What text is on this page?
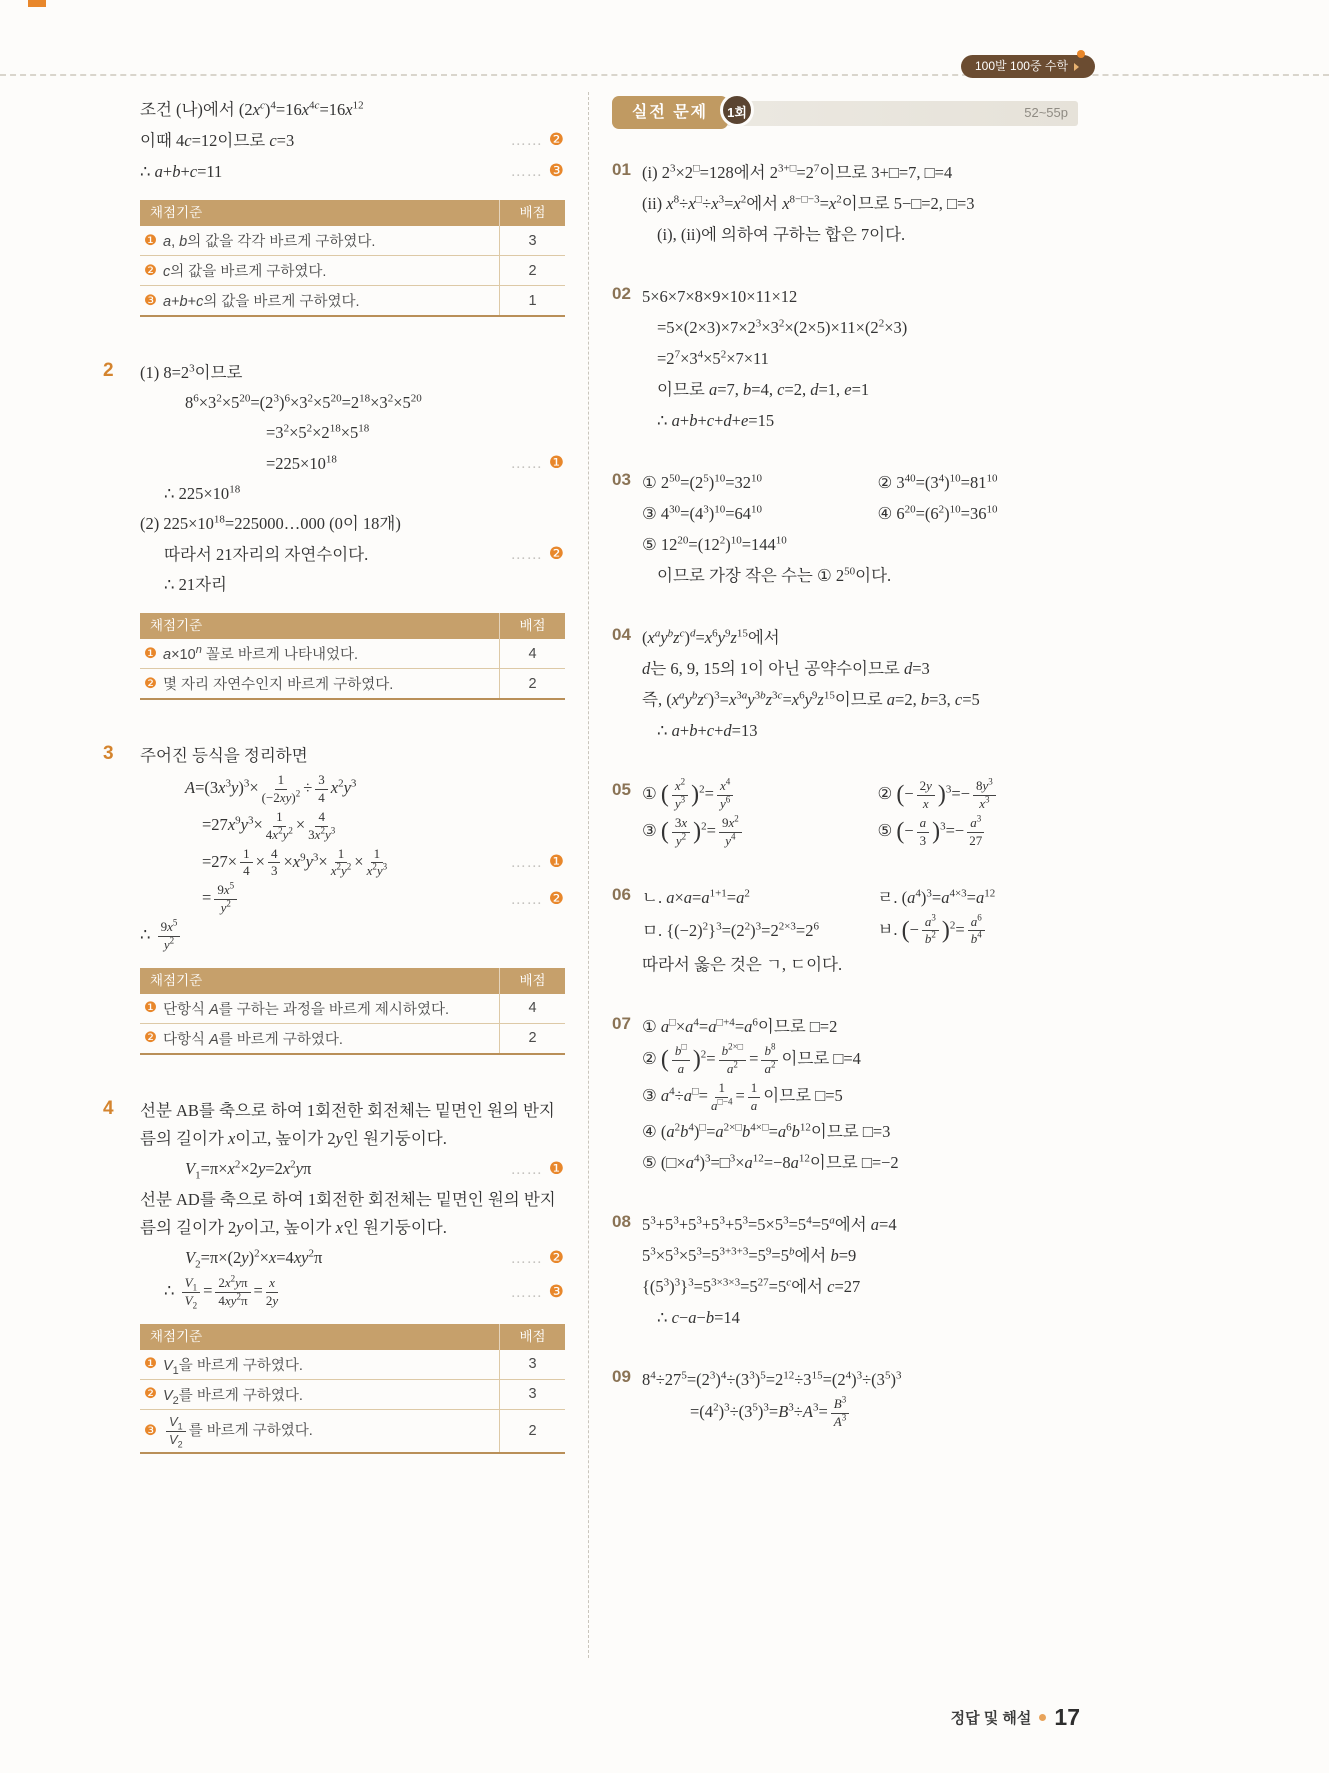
100발 100중 수학
조건 (나)에서 $(2x^c)^4=16x^{4c}=16x^{12}$
이때 4c=12이므로 c=3	…… ❷
∴ a+b+c=11	…… ❸
채점기준	배점
❶ a, b의 값을 각각 바르게 구하였다.	3
❷ c의 값을 바르게 구하였다.	2
❸ a+b+c의 값을 바르게 구하였다.	1
2	(1) $8=2^3$이므로
$8^6\times 3^2\times 5^{20}=(2^3)^6\times 3^2\times 5^{20}=2^{18}\times 3^2\times 5^{20}$
$=3^2\times 5^2\times 2^{18}\times 5^{18}$
$=225\times 10^{18}$	…… ❶
∴ $225\times 10^{18}$
(2) $225\times 10^{18}=225000\dots 000$ (0이 18개)
따라서 21자리의 자연수이다.	…… ❷
∴ 21자리
채점기준	배점
❶ $a\times 10^n$ 꼴로 바르게 나타내었다.	4
❷ 몇 자리 자연수인지 바르게 구하였다.	2
3	주어진 등식을 정리하면
$A=(3x^3y)^3\times \frac{1}{(-2xy)^2} \div \frac{3}{4} x^2y^3$
$=27x^9y^3\times \frac{1}{4x^2y^2} \times \frac{4}{3x^2y^3}$
$=27\times \frac{1}{4} \times \frac{4}{3} \times x^9y^3\times \frac{1}{x^2y^2} \times \frac{1}{x^2y^3}$	…… ❶
= $\frac{9x^5}{y^2}$	…… ❷
∴ $\frac{9x^5}{y^2}$
채점기준	배점
❶ 단항식 A를 구하는 과정을 바르게 제시하였다.	4
❷ 다항식 A를 바르게 구하였다.	2
4	선분 AB를 축으로 하여 1회전한 회전체는 밑면인 원의 반지름의 길이가 x이고, 높이가 2y인 원기둥이다.
$V_1=\pi\times x^2\times 2y=2x^2y\pi$	…… ❶
선분 AD를 축으로 하여 1회전한 회전체는 밑면인 원의 반지름의 길이가 2y이고, 높이가 x인 원기둥이다.
$V_2=\pi\times(2y)^2\times x=4xy^2\pi$	…… ❷
∴ $\frac{V_1}{V_2} = \frac{2x^2y\pi}{4xy^2\pi} = \frac{x}{2y}$	…… ❸
채점기준	배점
❶ $V_1$을 바르게 구하였다.	3
❷ $V_2$를 바르게 구하였다.	3
❸ $\frac{V_1}{V_2}$ 를 바르게 구하였다.	2
실전 문제	1회	52~55p
01 (i) $2^3\times 2^□=128$에서 $2^{3+□}=2^7$이므로 3+□=7, □=4
(ii) $x^8\div x^□\div x^3=x^2$에서 $x^{8-□-3}=x^2$이므로 5−□=2, □=3
(i), (ii)에 의하여 구하는 합은 7이다.
02 5×6×7×8×9×10×11×12
$=5\times(2\times 3)\times 7\times 2^3\times 3^2\times(2\times 5)\times 11\times(2^2\times 3)$
$=2^7\times 3^4\times 5^2\times 7\times 11$
이므로 a=7, b=4, c=2, d=1, e=1
∴ a+b+c+d+e=15
03 ① $2^{50}=(2^5)^{10}=32^{10}$	② $3^{40}=(3^4)^{10}=81^{10}$
③ $4^{30}=(4^3)^{10}=64^{10}$	④ $6^{20}=(6^2)^{10}=36^{10}$
⑤ $12^{20}=(12^2)^{10}=144^{10}$
이므로 가장 작은 수는 ① $2^{50}$이다.
04 $(x^ay^bz^c)^d=x^6y^9z^{15}$에서
d는 6, 9, 15의 1이 아닌 공약수이므로 d=3
즉, $(x^ay^bz^c)^3=x^{3a}y^{3b}z^{3c}=x^6y^9z^{15}$이므로 a=2, b=3, c=5
∴ a+b+c+d=13
05 ① ( $\frac{x^2}{y^3} )^2= \frac{x^4}{y^6}$	② (− $\frac{2y}{x} )^3=- \frac{8y^3}{x^3}$
③ ( $\frac{3x}{y^2} )^2= \frac{9x^2}{y^4}$	⑤ (− $\frac{a}{3} )^3=- \frac{a^3}{27}$
06 ㄴ. $a\times a=a^{1+1}=a^2$	ㄹ. $(a^4)^3=a^{4\times 3}=a^{12}$
ㅁ. $\{(-2)^2\}^3=(2^2)^3=2^{2\times 3}=2^6$	ㅂ. (− $\frac{a^3}{b^2} )^2= \frac{a^6}{b^4}$
따라서 옳은 것은 ㄱ, ㄷ이다.
07 ① $a^□\times a^4=a^{□+4}=a^6$이므로 □=2
② ( $\frac{b^□}{a} )^2= \frac{b^{2\times□}}{a^2} = \frac{b^8}{a^2}$ 이므로 □=4
③ $a^4\div a^□= \frac{1}{a^{□-4}} = \frac{1}{a}$ 이므로 □=5
④ $(a^2b^4)^□=a^{2\times□}b^{4\times□}=a^6b^{12}$이므로 □=3
⑤ $(□\times a^4)^3=□^3\times a^{12}=-8a^{12}$이므로 □=−2
08 $5^3+5^3+5^3+5^3+5^3=5\times 5^3=5^4=5^a$에서 a=4
$5^3\times 5^3\times 5^3=5^{3+3+3}=5^9=5^b$에서 b=9
$\{(5^3)^3\}^3=5^{3\times 3\times 3}=5^{27}=5^c$에서 c=27
∴ c−a−b=14
09 $8^4\div 27^5=(2^3)^4\div(3^3)^5=2^{12}\div 3^{15}=(2^4)^3\div(3^5)^3$
$=(4^2)^3\div(3^5)^3=B^3\div A^3= \frac{B^3}{A^3}$
정답 및 해설 17
